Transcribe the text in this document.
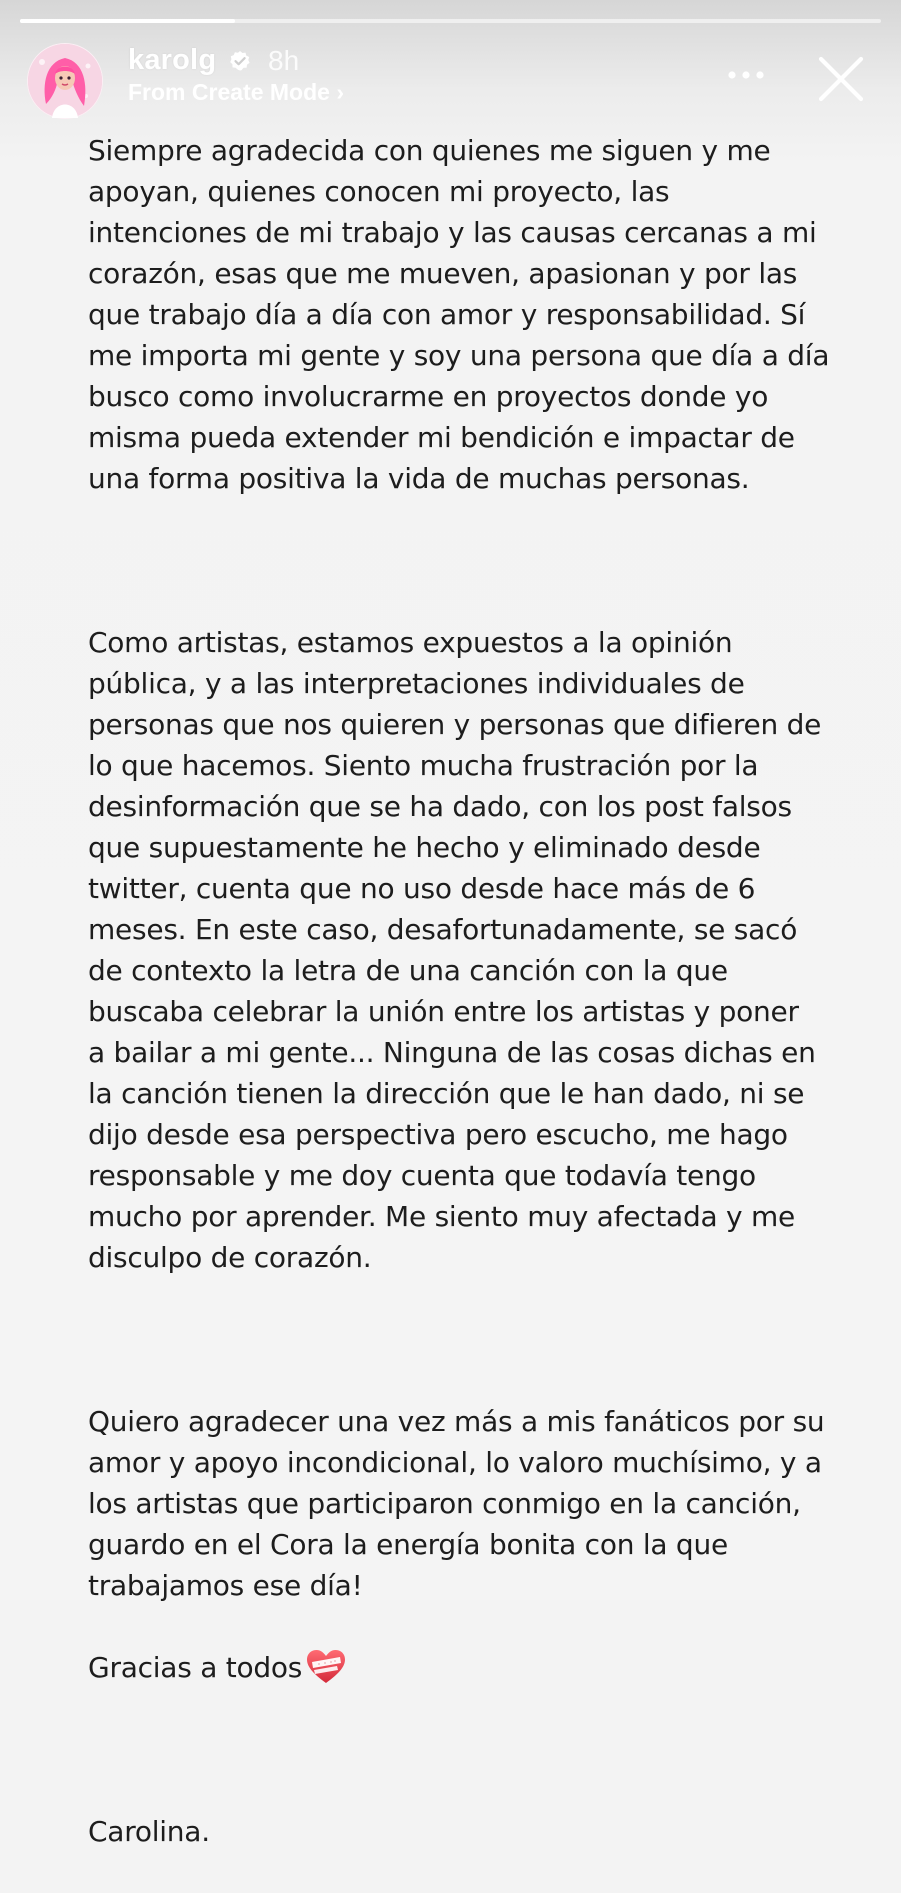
Siempre agradecida con quienes me siguen y me
apoyan, quienes conocen mi proyecto, las
intenciones de mi trabajo y las causas cercanas a mi
corazón, esas que me mueven, apasionan y por las
que trabajo día a día con amor y responsabilidad. Sí
me importa mi gente y soy una persona que día a día
busco como involucrarme en proyectos donde yo
misma pueda extender mi bendición e impactar de
una forma positiva la vida de muchas personas.

Como artistas, estamos expuestos a la opinión
pública, y a las interpretaciones individuales de
personas que nos quieren y personas que difieren de
lo que hacemos. Siento mucha frustración por la
desinformación que se ha dado, con los post falsos
que supuestamente he hecho y eliminado desde
twitter, cuenta que no uso desde hace más de 6
meses. En este caso, desafortunadamente, se sacó
de contexto la letra de una canción con la que
buscaba celebrar la unión entre los artistas y poner
a bailar a mi gente... Ninguna de las cosas dichas en
la canción tienen la dirección que le han dado, ni se
dijo desde esa perspectiva pero escucho, me hago
responsable y me doy cuenta que todavía tengo
mucho por aprender. Me siento muy afectada y me
disculpo de corazón.

Quiero agradecer una vez más a mis fanáticos por su
amor y apoyo incondicional, lo valoro muchísimo, y a
los artistas que participaron conmigo en la canción,
guardo en el Cora la energía bonita con la que
trabajamos ese día!

Gracias a todos

Carolina.

karolg 8h
From Create Mode ›
